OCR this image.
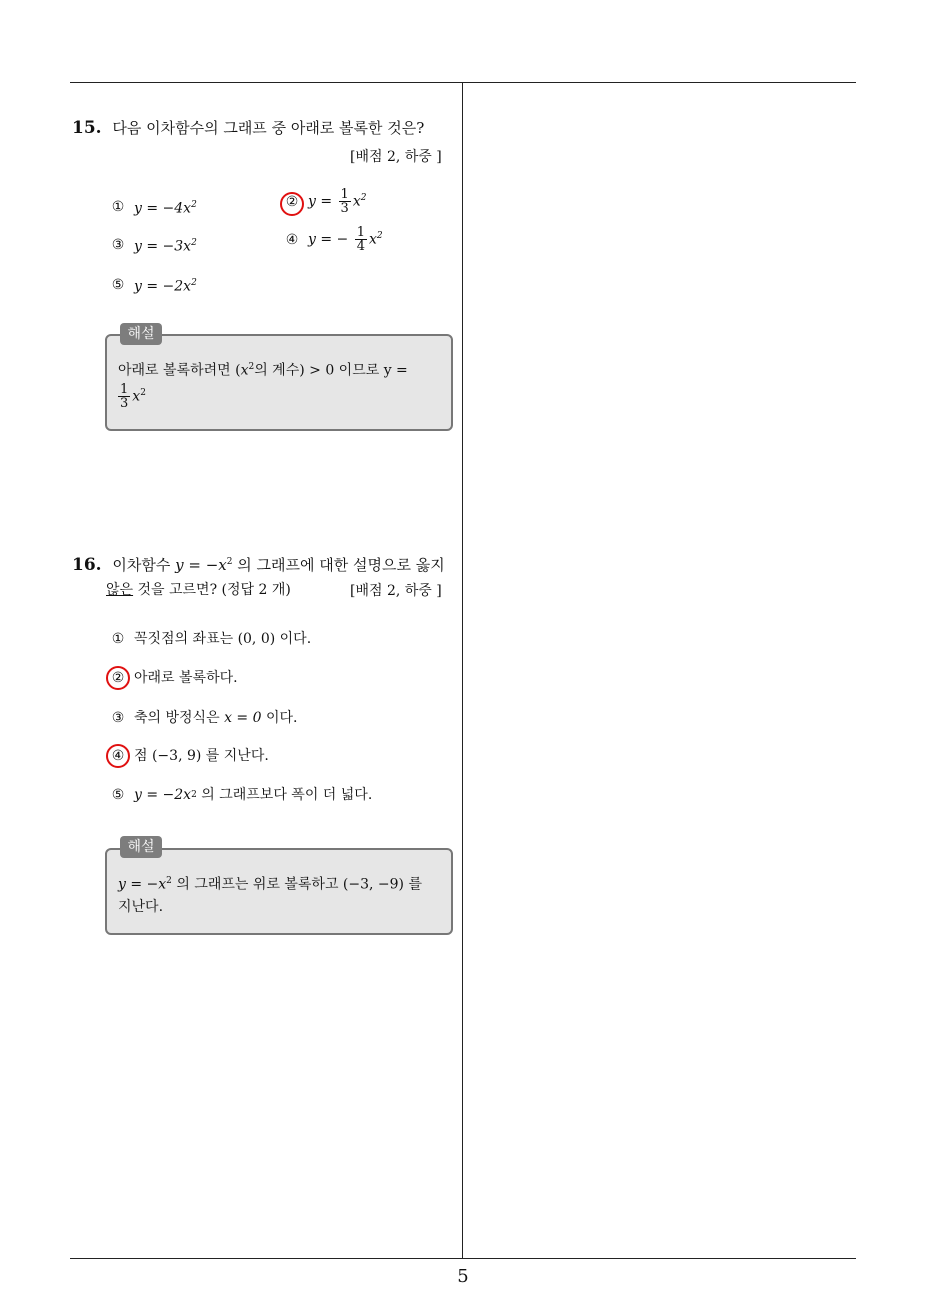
15. 다음 이차함수의 그래프 중 아래로 볼록한 것은?
[배점 2, 하중 ]
① $y = -4x^2$	② $y = \frac{1}{3} x^2$
③ $y = -3x^2$	④ y = − $\frac{1}{4} x^2$
⑤ $y = -2x^2$
해설
아래로 볼록하려면 ($x^2$의 계수) > 0 이므로 y =
$\frac{1}{3} x^2$
16. 이차함수 $y = -x^2$ 의 그래프에 대한 설명으로 옳지
않은 것을 고르면? (정답 2 개)	[배점 2, 하중 ]
① 꼭짓점의 좌표는 (0, 0) 이다.
② 아래로 볼록하다.
③ 축의 방정식은
x = 0
이다.
④ 점 (−3, 9) 를 지난다.
⑤ y = −2x 2
의 그래프보다 폭이 더 넓다.
해설
$y = -x^2$ 의 그래프는 위로 볼록하고 (−3, −9) 를
지난다.
5
